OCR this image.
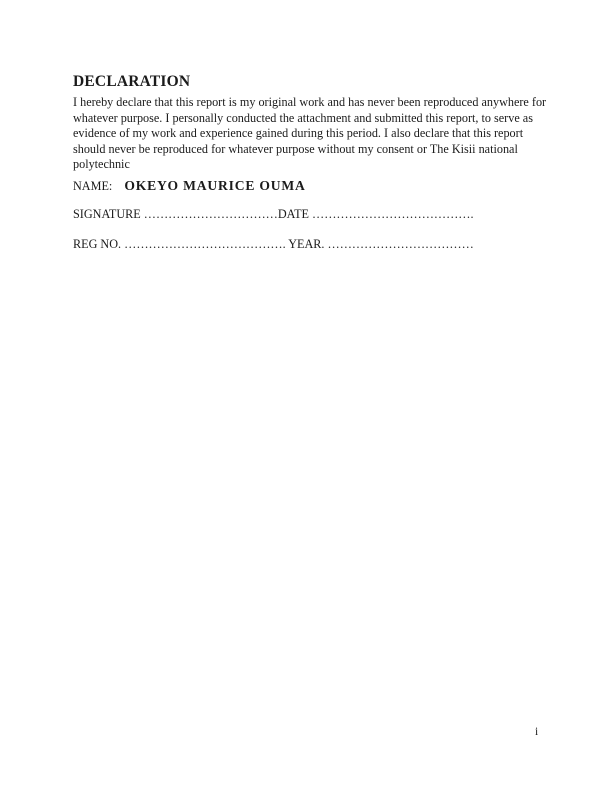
DECLARATION
I hereby declare that this report is my original work and has never been reproduced anywhere for
whatever purpose. I personally conducted the attachment and submitted this report, to serve as
evidence of my work and experience gained during this period. I also declare that this report
should never be reproduced for whatever purpose without my consent or The Kisii national
polytechnic
NAME: OKEYO MAURICE OUMA
SIGNATURE ……………………………DATE ………………………………….
REG NO. …………………………………. YEAR. ………………………………
i
